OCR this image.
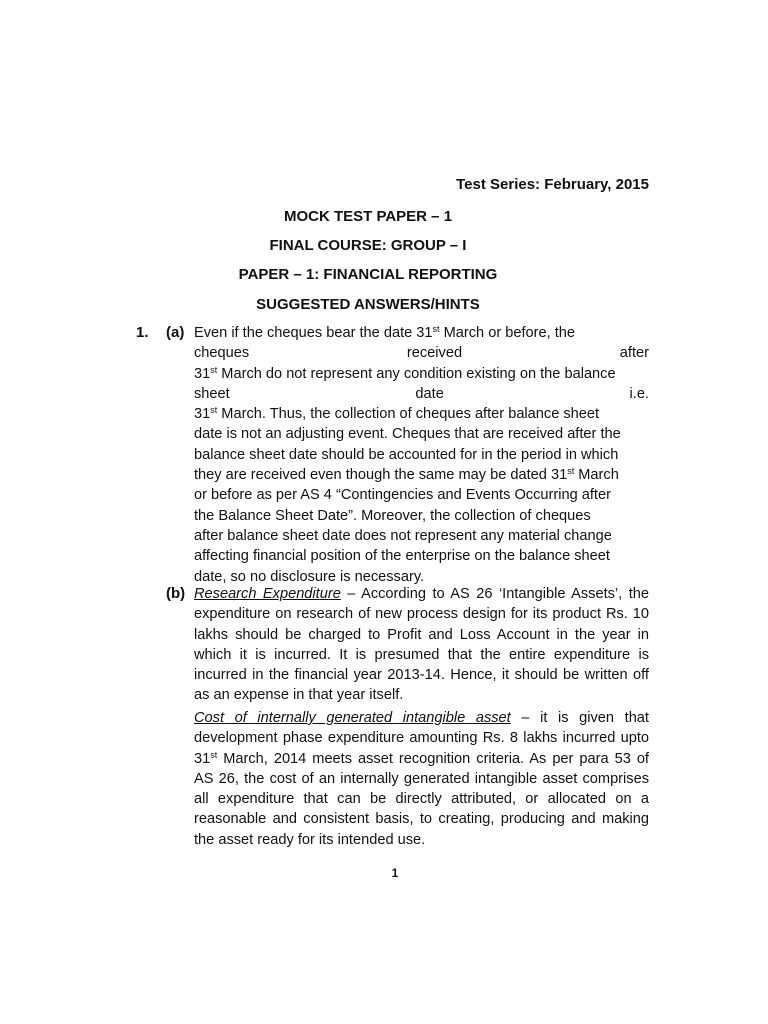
Test Series: February, 2015
MOCK TEST PAPER – 1
FINAL COURSE: GROUP – I
PAPER – 1: FINANCIAL REPORTING
SUGGESTED ANSWERS/HINTS
1. (a) Even if the cheques bear the date 31st March or before, the
cheques	received	after
31st March do not represent any condition existing on the balance
sheet	date	i.e.
31st March. Thus, the collection of cheques after balance sheet
date is not an adjusting event. Cheques that are received after the
balance sheet date should be accounted for in the period in which
they are received even though the same may be dated 31st March
or before as per AS 4 “Contingencies and Events Occurring after
the Balance Sheet Date”. Moreover, the collection of cheques
after balance sheet date does not represent any material change
affecting financial position of the enterprise on the balance sheet
date, so no disclosure is necessary.
(b) Research Expenditure – According to AS 26 ‘Intangible Assets’, the expenditure on research of new process design for its product Rs. 10 lakhs should be charged to Profit and Loss Account in the year in which it is incurred. It is presumed that the entire expenditure is incurred in the financial year 2013-14. Hence, it should be written off as an expense in that year itself.
Cost of internally generated intangible asset – it is given that development phase expenditure amounting Rs. 8 lakhs incurred upto 31st March, 2014 meets asset recognition criteria. As per para 53 of AS 26, the cost of an internally generated intangible asset comprises all expenditure that can be directly attributed, or allocated on a reasonable and consistent basis, to creating, producing and making the asset ready for its intended use.
1
